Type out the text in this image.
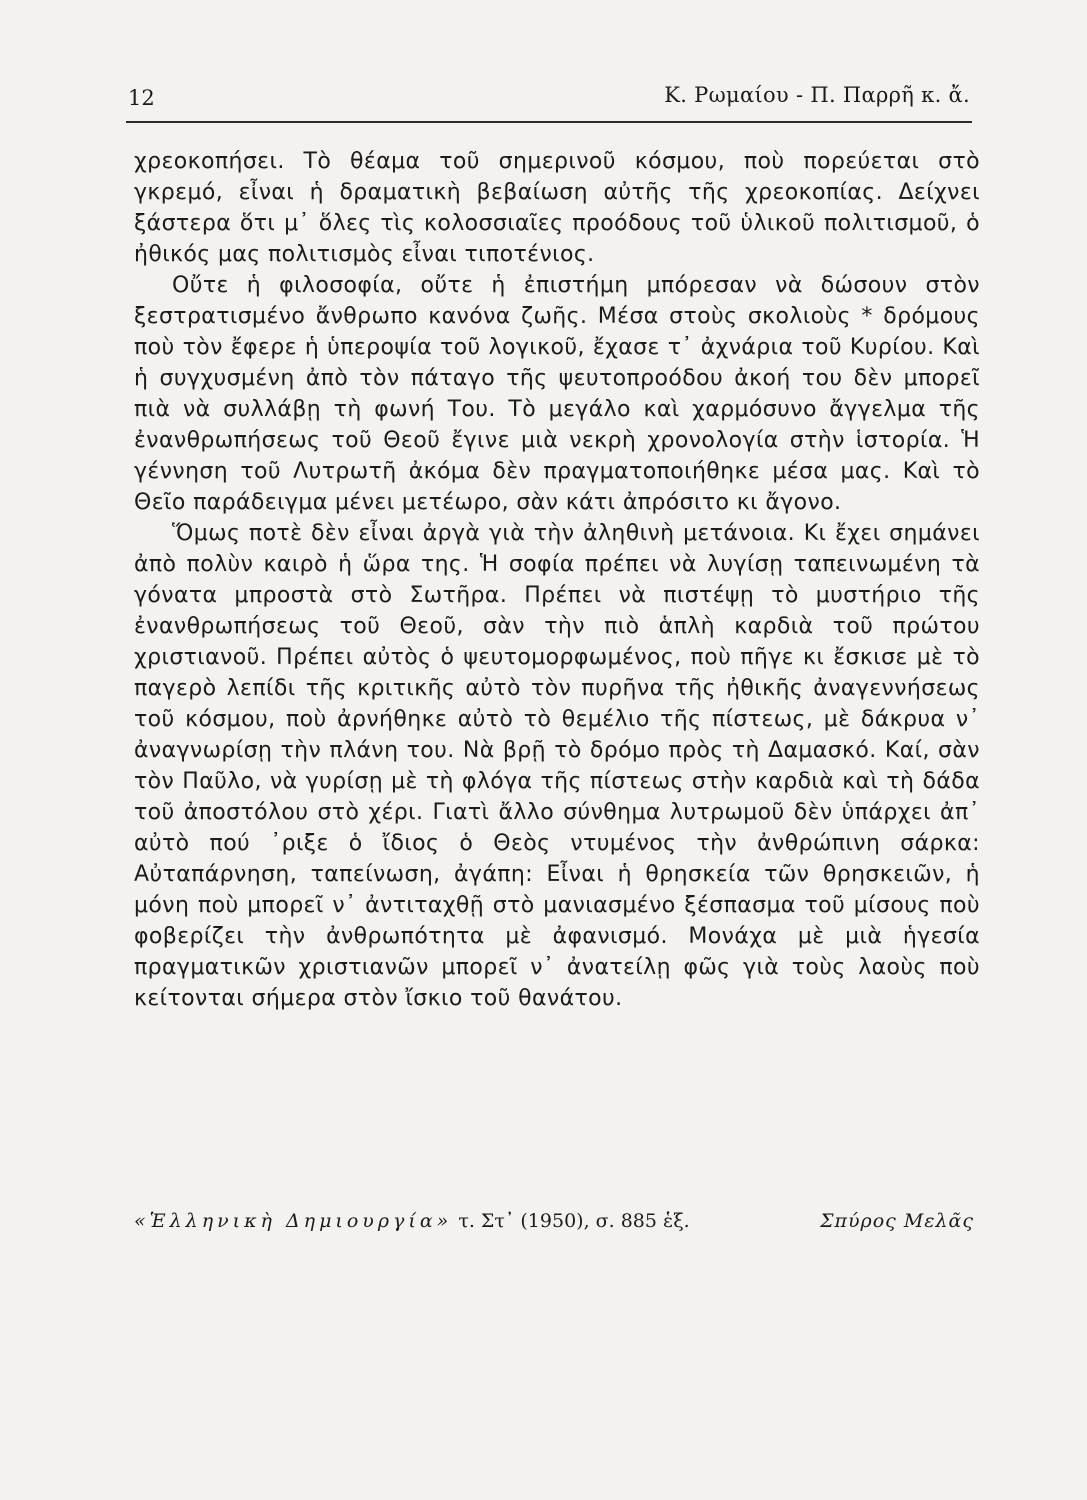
12	Κ. Ρωμαίου - Π. Παρρῆ κ. ἄ.

χρεοκοπήσει. Τὸ θέαμα τοῦ σημερινοῦ κόσμου, ποὺ πορεύεται στὸ γκρεμό, εἶναι ἡ δραματικὴ βεβαίωση αὐτῆς τῆς χρεοκοπίας. Δείχνει ξάστερα ὅτι μ᾽ ὅλες τὶς κολοσσιαῖες προόδους τοῦ ὑλικοῦ πολιτισμοῦ, ὁ ἠθικός μας πολιτισμὸς εἶναι τιποτένιος.

Οὔτε ἡ φιλοσοφία, οὔτε ἡ ἐπιστήμη μπόρεσαν νὰ δώσουν στὸν ξεστρατισμένο ἄνθρωπο κανόνα ζωῆς. Μέσα στοὺς σκολιοὺς * δρόμους ποὺ τὸν ἔφερε ἡ ὑπεροψία τοῦ λογικοῦ, ἔχασε τ᾽ ἀχνάρια τοῦ Κυρίου. Καὶ ἡ συγχυσμένη ἀπὸ τὸν πάταγο τῆς ψευτοπροόδου ἀκοή του δὲν μπορεῖ πιὰ νὰ συλλάβῃ τὴ φωνή Του. Τὸ μεγάλο καὶ χαρμόσυνο ἄγγελμα τῆς ἐνανθρωπήσεως τοῦ Θεοῦ ἔγινε μιὰ νεκρὴ χρονολογία στὴν ἱστορία. Ἡ γέννηση τοῦ Λυτρωτῆ ἀκόμα δὲν πραγματοποιήθηκε μέσα μας. Καὶ τὸ Θεῖο παράδειγμα μένει μετέωρο, σὰν κάτι ἀπρόσιτο κι ἄγονο.

Ὅμως ποτὲ δὲν εἶναι ἀργὰ γιὰ τὴν ἀληθινὴ μετάνοια. Κι ἔχει σημάνει ἀπὸ πολὺν καιρὸ ἡ ὥρα της. Ἡ σοφία πρέπει νὰ λυγίσῃ ταπεινωμένη τὰ γόνατα μπροστὰ στὸ Σωτῆρα. Πρέπει νὰ πιστέψῃ τὸ μυστήριο τῆς ἐνανθρωπήσεως τοῦ Θεοῦ, σὰν τὴν πιὸ ἁπλὴ καρδιὰ τοῦ πρώτου χριστιανοῦ. Πρέπει αὐτὸς ὁ ψευτομορφωμένος, ποὺ πῆγε κι ἔσκισε μὲ τὸ παγερὸ λεπίδι τῆς κριτικῆς αὐτὸ τὸν πυρῆνα τῆς ἠθικῆς ἀναγεννήσεως τοῦ κόσμου, ποὺ ἀρνήθηκε αὐτὸ τὸ θεμέλιο τῆς πίστεως, μὲ δάκρυα ν᾽ ἀναγνωρίσῃ τὴν πλάνη του. Νὰ βρῇ τὸ δρόμο πρὸς τὴ Δαμασκό. Καί, σὰν τὸν Παῦλο, νὰ γυρίσῃ μὲ τὴ φλόγα τῆς πίστεως στὴν καρδιὰ καὶ τὴ δάδα τοῦ ἀποστόλου στὸ χέρι. Γιατὶ ἄλλο σύνθημα λυτρωμοῦ δὲν ὑπάρχει ἀπ᾽ αὐτὸ πού ᾽ριξε ὁ ἴδιος ὁ Θεὸς ντυμένος τὴν ἀνθρώπινη σάρκα: Αὐταπάρνηση, ταπείνωση, ἀγάπη: Εἶναι ἡ θρησκεία τῶν θρησκειῶν, ἡ μόνη ποὺ μπορεῖ ν᾽ ἀντιταχθῇ στὸ μανιασμένο ξέσπασμα τοῦ μίσους ποὺ φοβερίζει τὴν ἀνθρωπότητα μὲ ἀφανισμό. Μονάχα μὲ μιὰ ἡγεσία πραγματικῶν χριστιανῶν μπορεῖ ν᾽ ἀνατείλῃ φῶς γιὰ τοὺς λαοὺς ποὺ κείτονται σήμερα στὸν ἴσκιο τοῦ θανάτου.

«Ἑλληνικὴ Δημιουργία» τ. Στ᾽ (1950), σ. 885 ἑξ.	Σπύρος Μελᾶς
